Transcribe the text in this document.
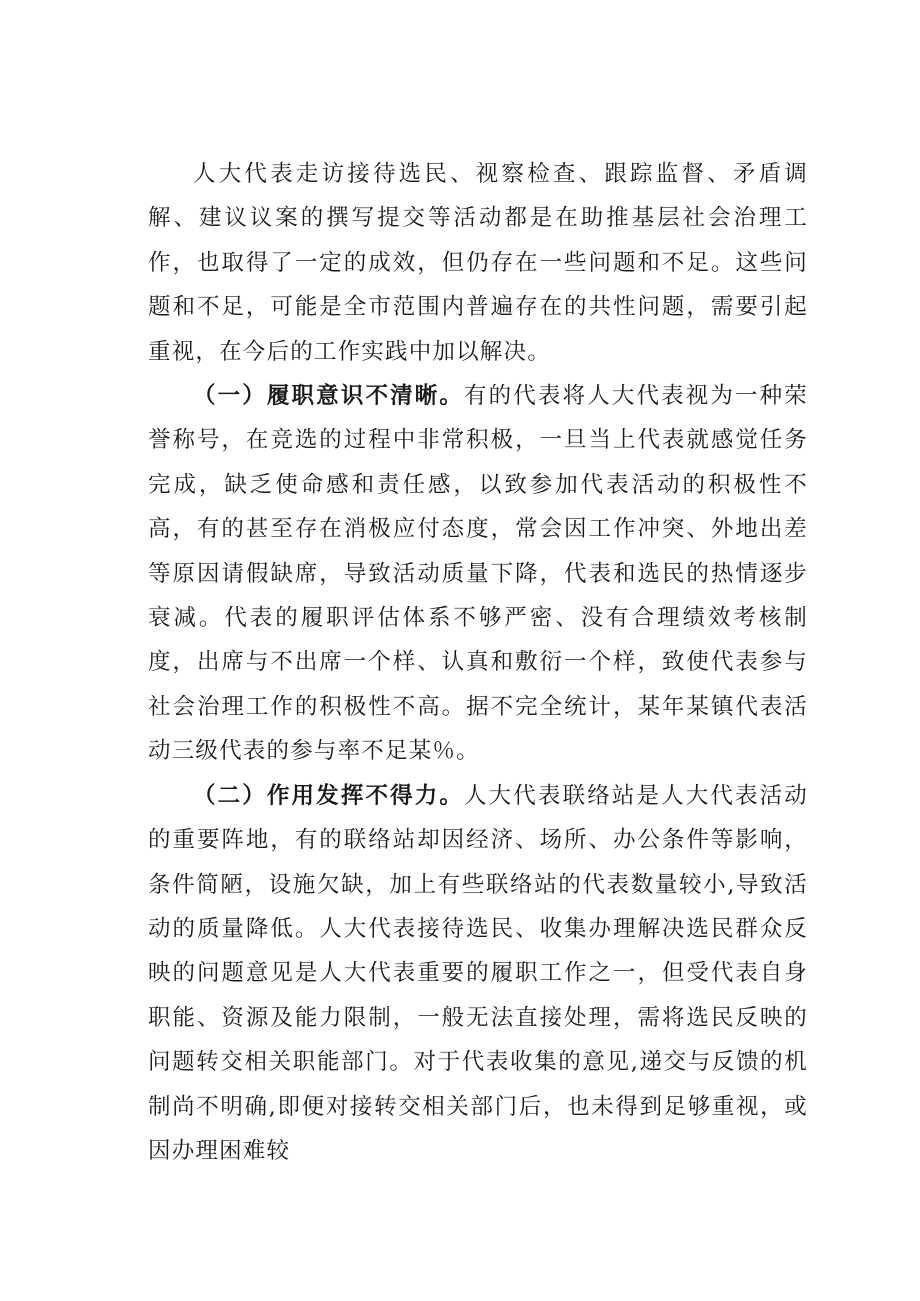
人大代表走访接待选民、视察检查、跟踪监督、矛盾调解、建议议案的撰写提交等活动都是在助推基层社会治理工作，也取得了一定的成效，但仍存在一些问题和不足。这些问题和不足，可能是全市范围内普遍存在的共性问题，需要引起重视，在今后的工作实践中加以解决。

（一）履职意识不清晰。有的代表将人大代表视为一种荣誉称号，在竞选的过程中非常积极，一旦当上代表就感觉任务完成，缺乏使命感和责任感，以致参加代表活动的积极性不高，有的甚至存在消极应付态度，常会因工作冲突、外地出差等原因请假缺席，导致活动质量下降，代表和选民的热情逐步衰减。代表的履职评估体系不够严密、没有合理绩效考核制度，出席与不出席一个样、认真和敷衍一个样，致使代表参与社会治理工作的积极性不高。据不完全统计，某年某镇代表活动三级代表的参与率不足某％。

（二）作用发挥不得力。人大代表联络站是人大代表活动的重要阵地，有的联络站却因经济、场所、办公条件等影响，条件简陋，设施欠缺，加上有些联络站的代表数量较小,导致活动的质量降低。人大代表接待选民、收集办理解决选民群众反映的问题意见是人大代表重要的履职工作之一，但受代表自身职能、资源及能力限制，一般无法直接处理，需将选民反映的问题转交相关职能部门。对于代表收集的意见,递交与反馈的机制尚不明确,即便对接转交相关部门后，也未得到足够重视，或因办理困难较
